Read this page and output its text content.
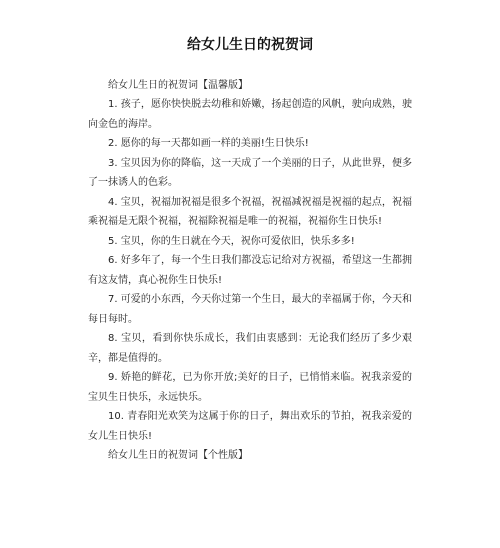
给女儿生日的祝贺词

给女儿生日的祝贺词【温馨版】

1. 孩子，愿你快快脱去幼稚和娇嫩，扬起创造的风帆，驶向成熟，驶向金色的海岸。

2. 愿你的每一天都如画一样的美丽!生日快乐!

3. 宝贝因为你的降临，这一天成了一个美丽的日子，从此世界，便多了一抹诱人的色彩。

4. 宝贝，祝福加祝福是很多个祝福，祝福减祝福是祝福的起点，祝福乘祝福是无限个祝福，祝福除祝福是唯一的祝福，祝福你生日快乐!

5. 宝贝，你的生日就在今天，祝你可爱依旧，快乐多多!

6. 好多年了，每一个生日我们都没忘记给对方祝福，希望这一生都拥有这友情，真心祝你生日快乐!

7. 可爱的小东西，今天你过第一个生日，最大的幸福属于你，今天和每日每时。

8. 宝贝，看到你快乐成长，我们由衷感到：无论我们经历了多少艰辛，都是值得的。

9. 娇艳的鲜花，已为你开放;美好的日子，已悄悄来临。祝我亲爱的宝贝生日快乐，永远快乐。

10. 青春阳光欢笑为这属于你的日子，舞出欢乐的节拍，祝我亲爱的女儿生日快乐!

给女儿生日的祝贺词【个性版】
